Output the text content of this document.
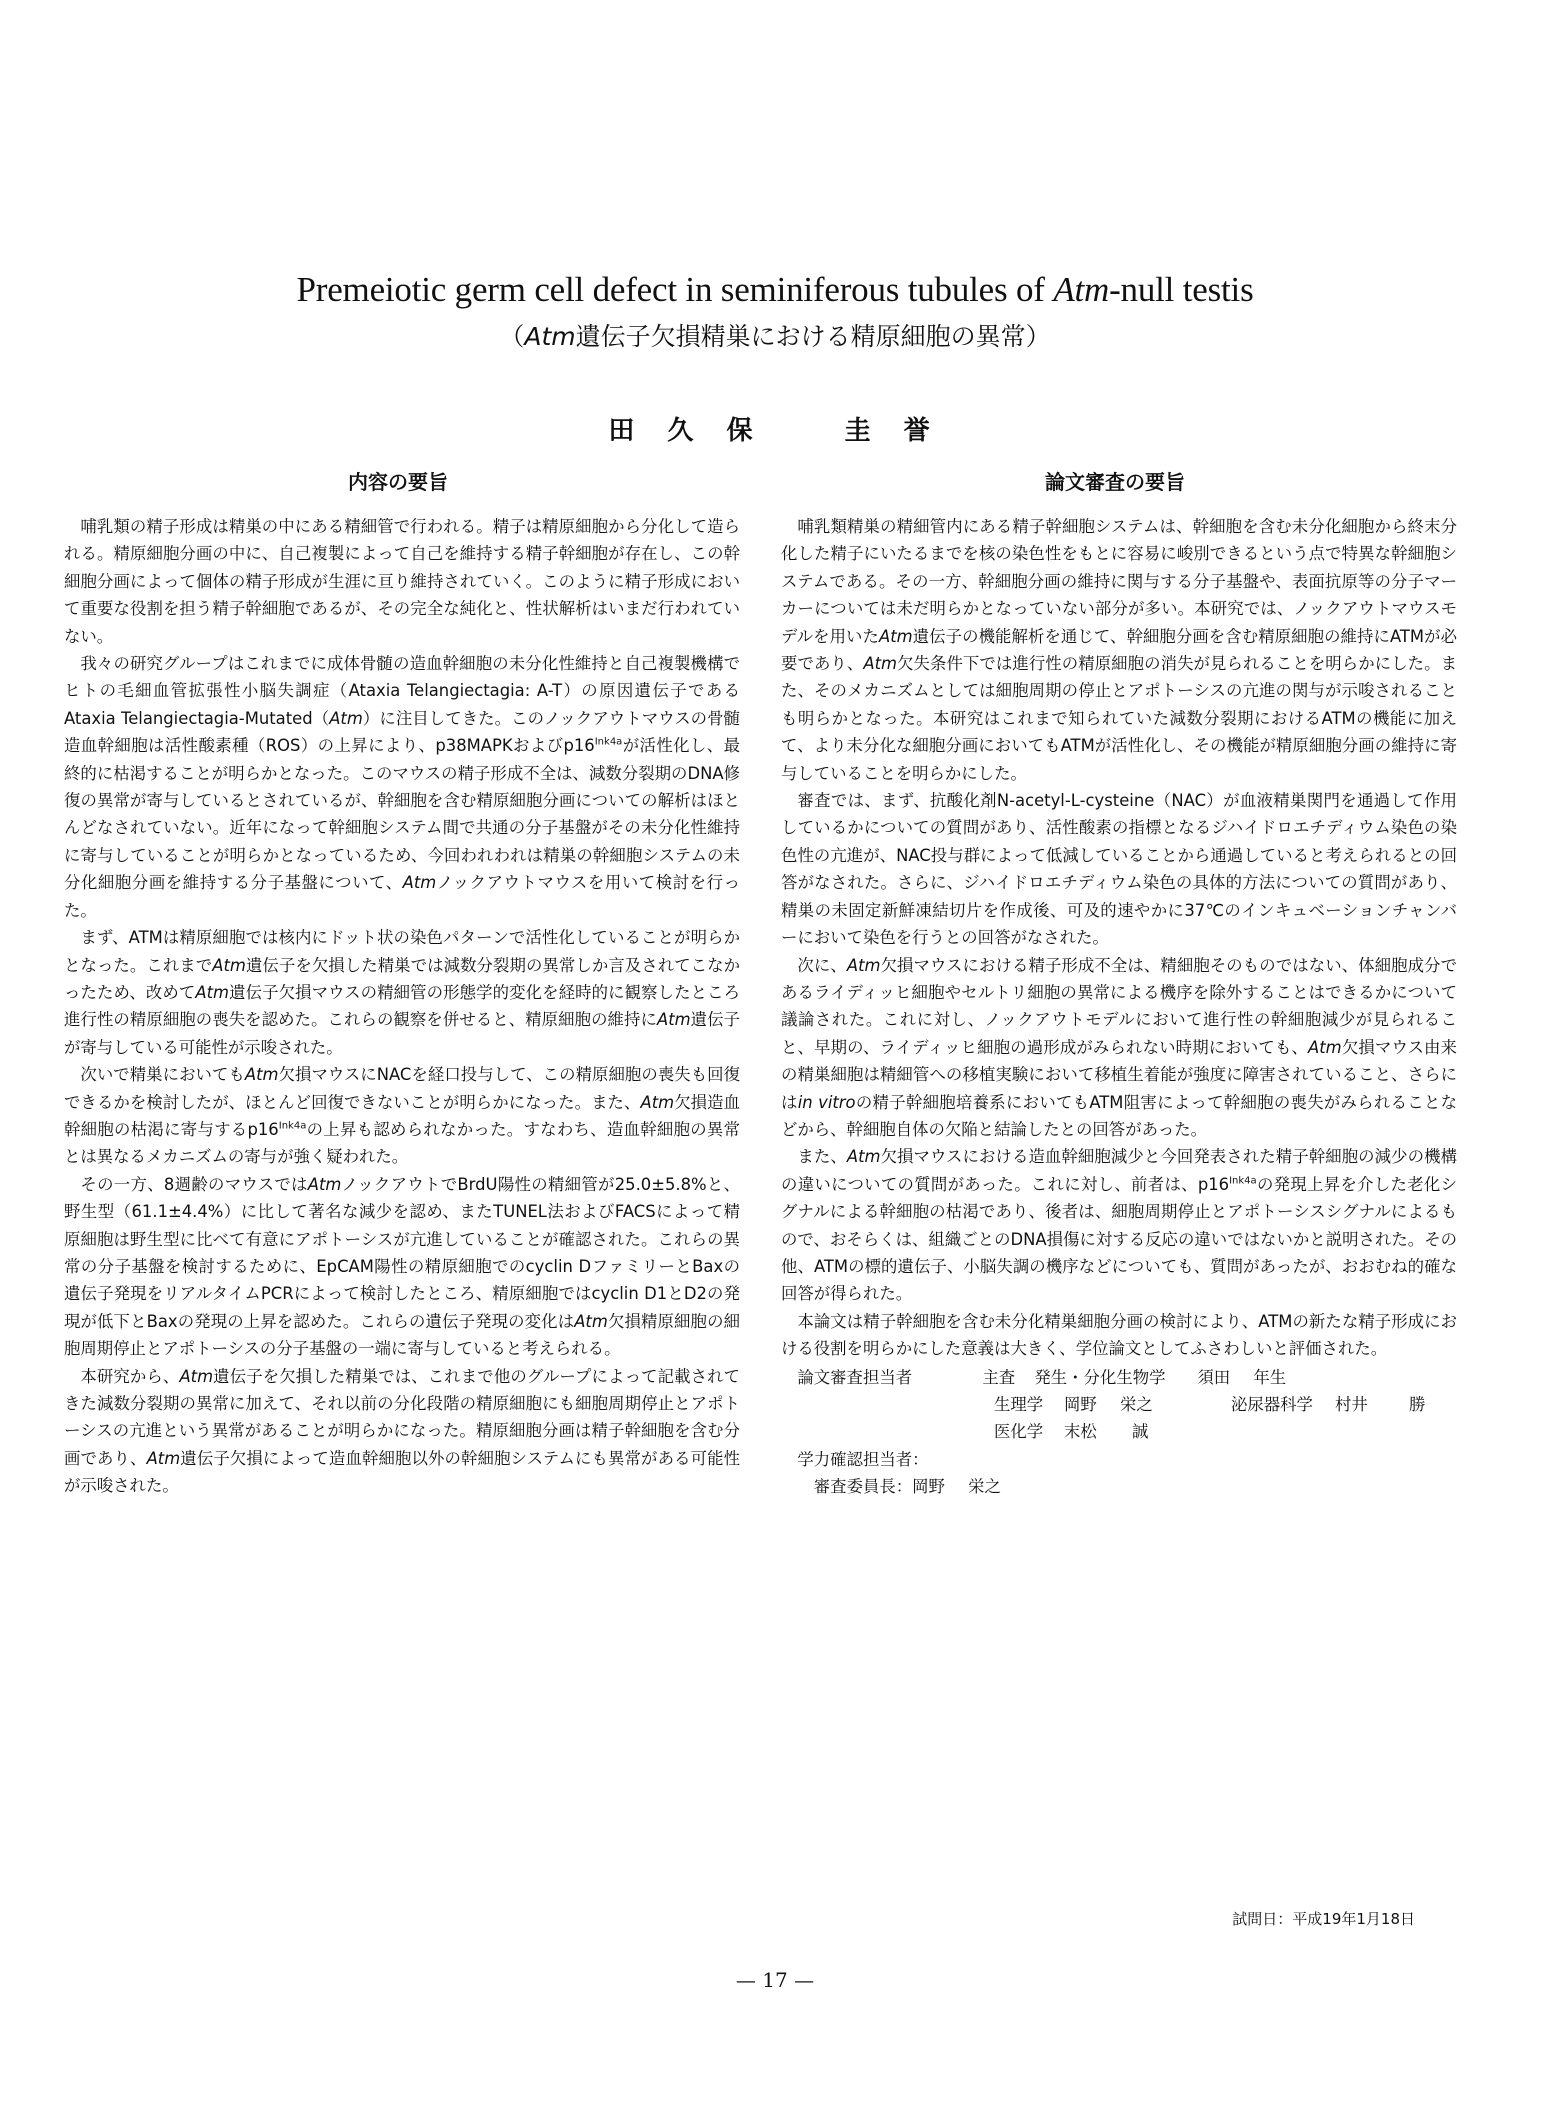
Premeiotic germ cell defect in seminiferous tubules of Atm-null testis
（Atm遺伝子欠損精巣における精原細胞の異常）
田 久 保 　 圭 誉
内容の要旨	論文審査の要旨

哺乳類の精子形成は精巣の中にある精細管で行われる。精子は精原細胞から分化して造られる。精原細胞分画の中に、自己複製によって自己を維持する精子幹細胞が存在し、この幹細胞分画によって個体の精子形成が生涯に亘り維持されていく。このように精子形成において重要な役割を担う精子幹細胞であるが、その完全な純化と、性状解析はいまだ行われていない。

我々の研究グループはこれまでに成体骨髄の造血幹細胞の未分化性維持と自己複製機構でヒトの毛細血管拡張性小脳失調症（Ataxia Telangiectagia: A-T）の原因遺伝子であるAtaxia Telangiectagia-Mutated（Atm）に注目してきた。このノックアウトマウスの骨髄造血幹細胞は活性酸素種（ROS）の上昇により、p38MAPKおよび$p16^{Ink4a}$が活性化し、最終的に枯渇することが明らかとなった。このマウスの精子形成不全は、減数分裂期のDNA修復の異常が寄与しているとされているが、幹細胞を含む精原細胞分画についての解析はほとんどなされていない。近年になって幹細胞システム間で共通の分子基盤がその未分化性維持に寄与していることが明らかとなっているため、今回われわれは精巣の幹細胞システムの未分化細胞分画を維持する分子基盤について、Atmノックアウトマウスを用いて検討を行った。

まず、ATMは精原細胞では核内にドット状の染色パターンで活性化していることが明らかとなった。これまでAtm遺伝子を欠損した精巣では減数分裂期の異常しか言及されてこなかったため、改めてAtm遺伝子欠損マウスの精細管の形態学的変化を経時的に観察したところ進行性の精原細胞の喪失を認めた。これらの観察を併せると、精原細胞の維持にAtm遺伝子が寄与している可能性が示唆された。

次いで精巣においてもAtm欠損マウスにNACを経口投与して、この精原細胞の喪失も回復できるかを検討したが、ほとんど回復できないことが明らかになった。また、Atm欠損造血幹細胞の枯渇に寄与する$p16^{Ink4a}$の上昇も認められなかった。すなわち、造血幹細胞の異常とは異なるメカニズムの寄与が強く疑われた。

その一方、8週齢のマウスではAtmノックアウトでBrdU陽性の精細管が25.0±5.8%と、野生型（61.1±4.4%）に比して著名な減少を認め、またTUNEL法およびFACSによって精原細胞は野生型に比べて有意にアポトーシスが亢進していることが確認された。これらの異常の分子基盤を検討するために、EpCAM陽性の精原細胞でのcyclin DファミリーとBaxの遺伝子発現をリアルタイムPCRによって検討したところ、精原細胞ではcyclin D1とD2の発現が低下とBaxの発現の上昇を認めた。これらの遺伝子発現の変化はAtm欠損精原細胞の細胞周期停止とアポトーシスの分子基盤の一端に寄与していると考えられる。

本研究から、Atm遺伝子を欠損した精巣では、これまで他のグループによって記載されてきた減数分裂期の異常に加えて、それ以前の分化段階の精原細胞にも細胞周期停止とアポトーシスの亢進という異常があることが明らかになった。精原細胞分画は精子幹細胞を含む分画であり、Atm遺伝子欠損によって造血幹細胞以外の幹細胞システムにも異常がある可能性が示唆された。

哺乳類精巣の精細管内にある精子幹細胞システムは、幹細胞を含む未分化細胞から終末分化した精子にいたるまでを核の染色性をもとに容易に峻別できるという点で特異な幹細胞システムである。その一方、幹細胞分画の維持に関与する分子基盤や、表面抗原等の分子マーカーについては未だ明らかとなっていない部分が多い。本研究では、ノックアウトマウスモデルを用いたAtm遺伝子の機能解析を通じて、幹細胞分画を含む精原細胞の維持にATMが必要であり、Atm欠失条件下では進行性の精原細胞の消失が見られることを明らかにした。また、そのメカニズムとしては細胞周期の停止とアポトーシスの亢進の関与が示唆されることも明らかとなった。本研究はこれまで知られていた減数分裂期におけるATMの機能に加えて、より未分化な細胞分画においてもATMが活性化し、その機能が精原細胞分画の維持に寄与していることを明らかにした。

審査では、まず、抗酸化剤N-acetyl-L-cysteine（NAC）が血液精巣関門を通過して作用しているかについての質問があり、活性酸素の指標となるジハイドロエチディウム染色の染色性の亢進が、NAC投与群によって低減していることから通過していると考えられるとの回答がなされた。さらに、ジハイドロエチディウム染色の具体的方法についての質問があり、精巣の未固定新鮮凍結切片を作成後、可及的速やかに37℃のインキュベーションチャンバーにおいて染色を行うとの回答がなされた。

次に、Atm欠損マウスにおける精子形成不全は、精細胞そのものではない、体細胞成分であるライディッヒ細胞やセルトリ細胞の異常による機序を除外することはできるかについて議論された。これに対し、ノックアウトモデルにおいて進行性の幹細胞減少が見られること、早期の、ライディッヒ細胞の過形成がみられない時期においても、Atm欠損マウス由来の精巣細胞は精細管への移植実験において移植生着能が強度に障害されていること、さらにはin vitroの精子幹細胞培養系においてもATM阻害によって幹細胞の喪失がみられることなどから、幹細胞自体の欠陥と結論したとの回答があった。

また、Atm欠損マウスにおける造血幹細胞減少と今回発表された精子幹細胞の減少の機構の違いについての質問があった。これに対し、前者は、$p16^{Ink4a}$の発現上昇を介した老化シグナルによる幹細胞の枯渇であり、後者は、細胞周期停止とアポトーシスシグナルによるもので、おそらくは、組織ごとのDNA損傷に対する反応の違いではないかと説明された。その他、ATMの標的遺伝子、小脳失調の機序などについても、質問があったが、おおむね的確な回答が得られた。

本論文は精子幹細胞を含む未分化精巣細胞分画の検討により、ATMの新たな精子形成における役割を明らかにした意義は大きく、学位論文としてふさわしいと評価された。

論文審査担当者	主査	発生・分化生物学	須田	年生
生理学	岡野	栄之	泌尿器科学	村井	勝
医化学	末松	誠
学力確認担当者：
審査委員長： 岡野	栄之
試問日：平成19年1月18日
— 17 —
